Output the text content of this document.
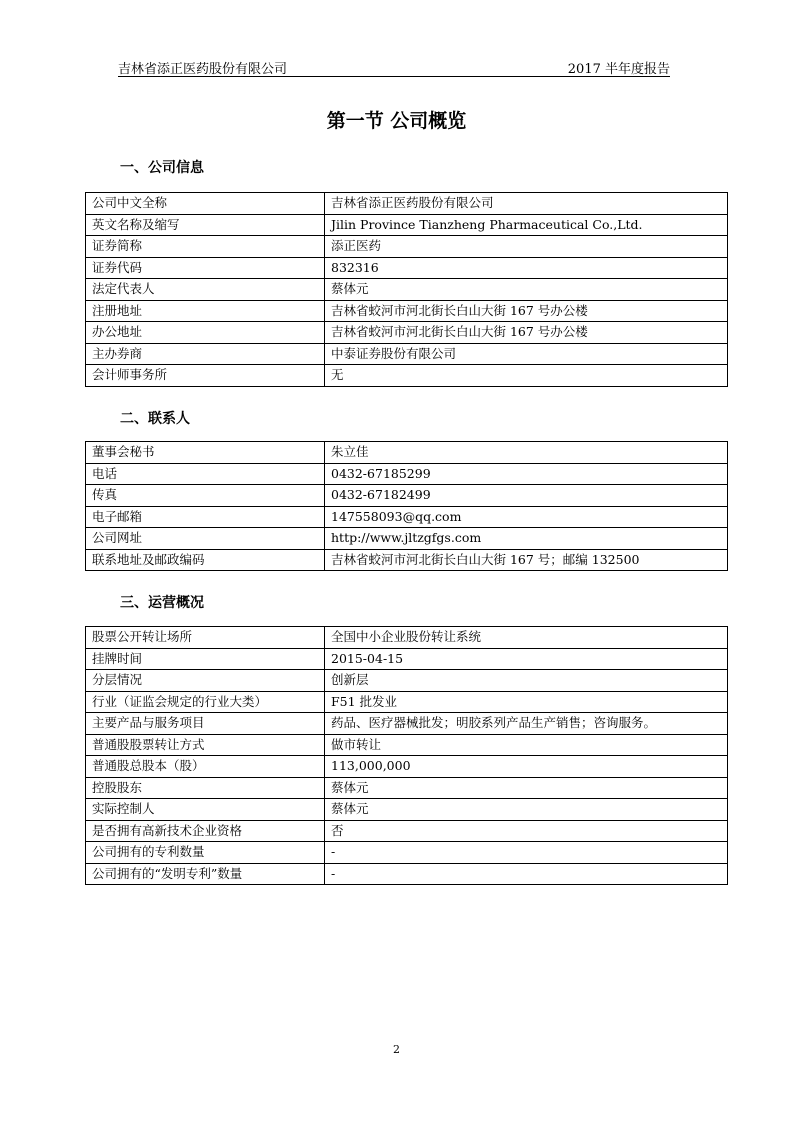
吉林省添正医药股份有限公司	2017 半年度报告
第一节 公司概览
一、公司信息
公司中文全称	吉林省添正医药股份有限公司
英文名称及缩写	Jilin Province Tianzheng Pharmaceutical Co.,Ltd.
证券简称	添正医药
证券代码	832316
法定代表人	蔡体元
注册地址	吉林省蛟河市河北街长白山大街 167 号办公楼
办公地址	吉林省蛟河市河北街长白山大街 167 号办公楼
主办券商	中泰证券股份有限公司
会计师事务所	无
二、联系人
董事会秘书	朱立佳
电话	0432-67185299
传真	0432-67182499
电子邮箱	147558093@qq.com
公司网址	http://www.jltzgfgs.com
联系地址及邮政编码	吉林省蛟河市河北街长白山大街 167 号；邮编 132500
三、运营概况
股票公开转让场所	全国中小企业股份转让系统
挂牌时间	2015-04-15
分层情况	创新层
行业（证监会规定的行业大类）	F51 批发业
主要产品与服务项目	药品、医疗器械批发；明胶系列产品生产销售；咨询服务。
普通股股票转让方式	做市转让
普通股总股本（股）	113,000,000
控股股东	蔡体元
实际控制人	蔡体元
是否拥有高新技术企业资格	否
公司拥有的专利数量	-
公司拥有的“发明专利”数量	-
2
